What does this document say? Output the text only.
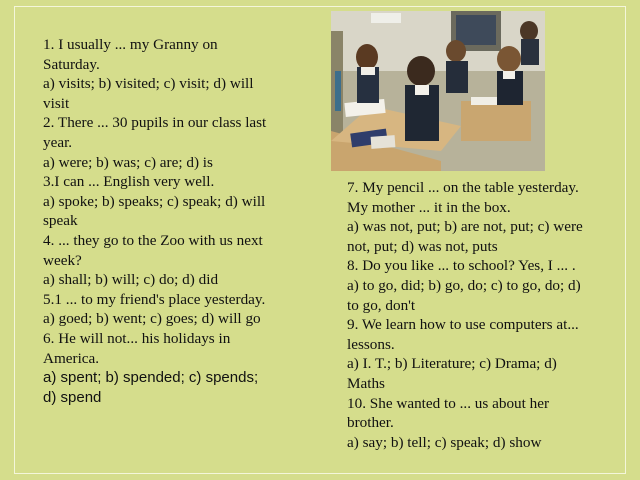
1. I usually ... my Granny on
Saturday.
a) visits; b) visited; c) visit; d) will
visit
2. There ... 30 pupils in our class last
year.
a) were; b) was; c) are; d) is
3.I can ... English very well.
a) spoke; b) speaks; c) speak; d) will
speak
4. ... they go to the Zoo with us next
week?
a) shall; b) will; c) do; d) did
5.1 ... to my friend's place yesterday.
a) goed; b) went; c) goes; d) will go
6. He will not... his holidays in
America.
a) spent; b) spended; c) spends;
d) spend
7. My pencil ... on the table yesterday.
My mother ... it in the box.
a) was not, put; b) are not, put; c) were
not, put; d) was not, puts
8. Do you like ... to school? Yes, I ... .
a) to go, did; b) go, do; c) to go, do; d)
to go, don't
9. We learn how to use computers at...
lessons.
a) I. T.; b) Literature; c) Drama; d)
Maths
10. She wanted to ... us about her
brother.
a) say; b) tell; c) speak; d) show
